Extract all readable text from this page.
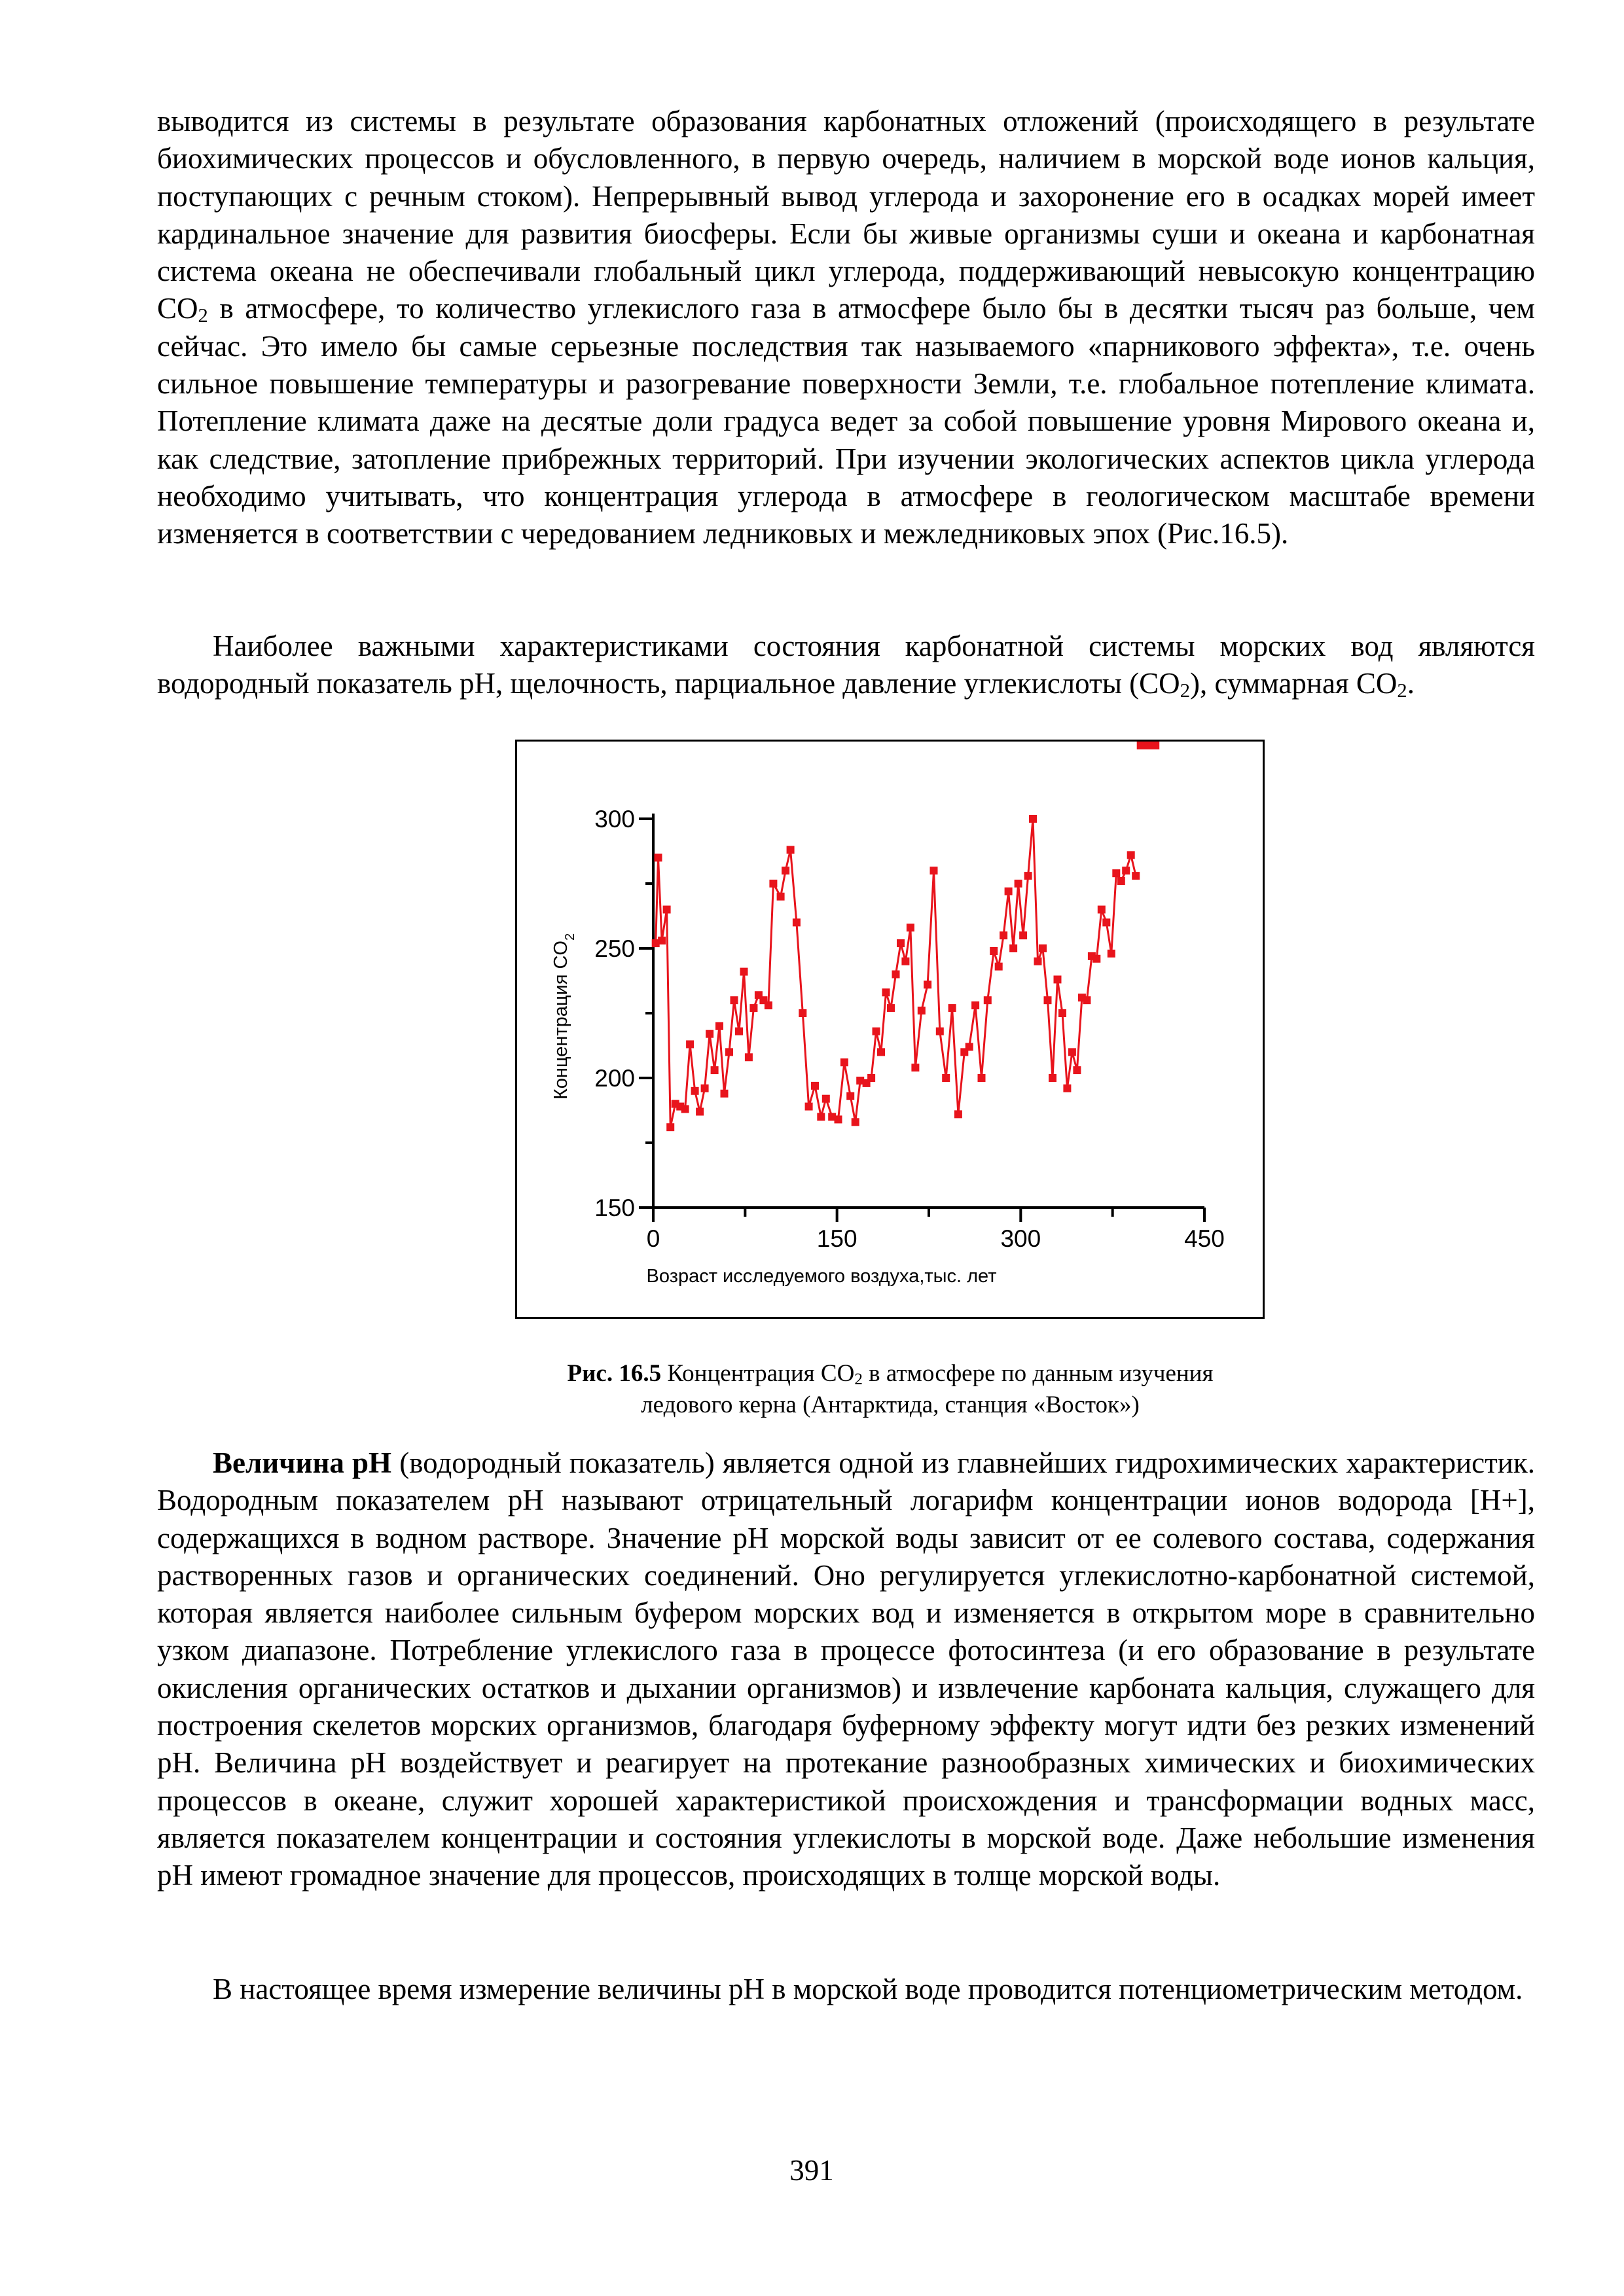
выводится из системы в результате образования карбонатных отложений (происходящего в результате биохимических процессов и обусловленного, в первую очередь, наличием в морской воде ионов кальция, поступающих с речным стоком). Непрерывный вывод углерода и захоронение его в осадках морей имеет кардинальное значение для развития биосферы. Если бы живые организмы суши и океана и карбонатная система океана не обеспечивали глобальный цикл углерода, поддерживающий невысокую концентрацию $CO_2$ в атмосфере, то количество углекислого газа в атмосфере было бы в десятки тысяч раз больше, чем сейчас. Это имело бы самые серьезные последствия так называемого «парникового эффекта», т.е. очень сильное повышение температуры и разогревание поверхности Земли, т.е. глобальное потепление климата. Потепление климата даже на десятые доли градуса ведет за собой повышение уровня Мирового океана и, как следствие, затопление прибрежных территорий. При изучении экологических аспектов цикла углерода необходимо учитывать, что концентрация углерода в атмосфере в геологическом масштабе времени изменяется в соответствии с чередованием ледниковых и межледниковых эпох (Рис.16.5).

Наиболее важными характеристиками состояния карбонатной системы морских вод являются водородный показатель pH, щелочность, парциальное давление углекислоты $(CO_2)$, суммарная $CO_2$.

150
200
250
300
0	150	300	450
Возраст исследуемого воздуха,тыс. лет
Концентрация $CO_2$

Рис. 16.5 Концентрация $CO_2$ в атмосфере по данным изучения
ледового керна (Антарктида, станция «Восток»)

Величина pH (водородный показатель) является одной из главнейших гидрохимических характеристик. Водородным показателем pH называют отрицательный логарифм концентрации ионов водорода [H+], содержащихся в водном растворе. Значение pH морской воды зависит от ее солевого состава, содержания растворенных газов и органических соединений. Оно регулируется углекислотно-карбонатной системой, которая является наиболее сильным буфером морских вод и изменяется в открытом море в сравнительно узком диапазоне. Потребление углекислого газа в процессе фотосинтеза (и его образование в результате окисления органических остатков и дыхании организмов) и извлечение карбоната кальция, служащего для построения скелетов морских организмов, благодаря буферному эффекту могут идти без резких изменений pH. Величина pH воздействует и реагирует на протекание разнообразных химических и биохимических процессов в океане, служит хорошей характеристикой происхождения и трансформации водных масс, является показателем концентрации и состояния углекислоты в морской воде. Даже небольшие изменения pH имеют громадное значение для процессов, происходящих в толще морской воды.

В настоящее время измерение величины pH в морской воде проводится потенциометрическим методом.

391
